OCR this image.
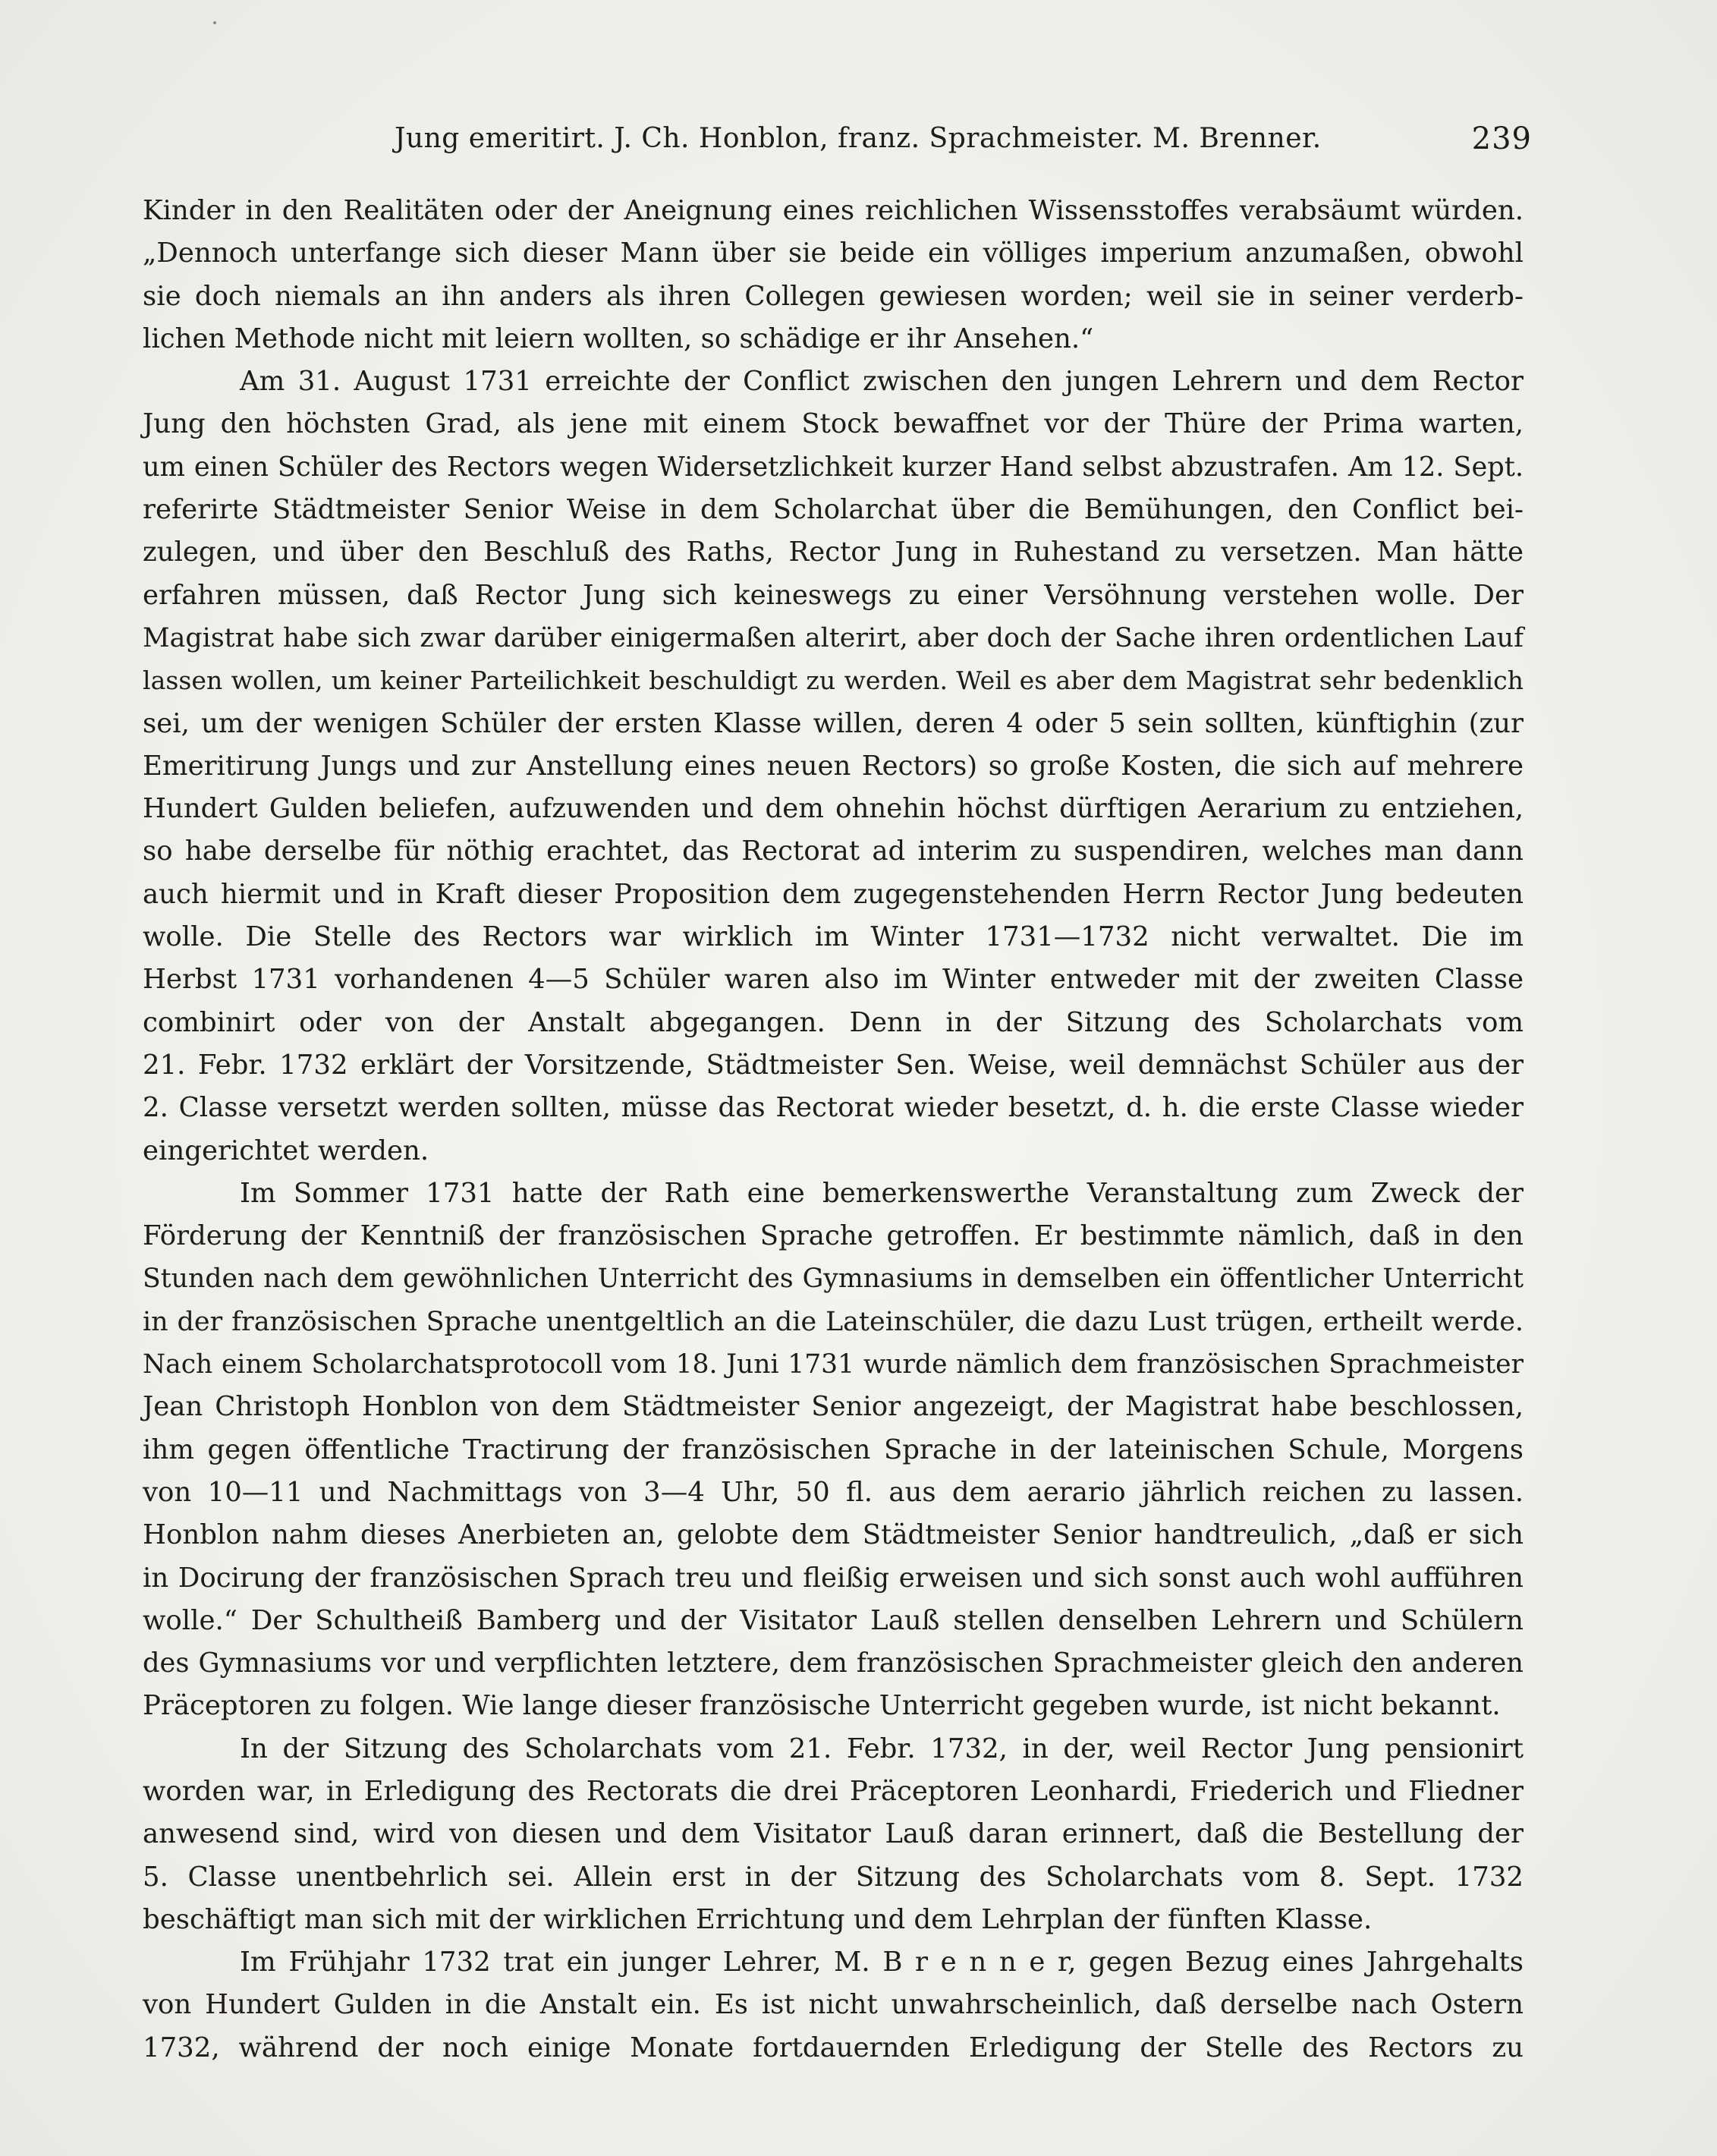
Jung emeritirt. J. Ch. Honblon, franz. Sprachmeister. M. Brenner.	239
Kinder in den Realitäten oder der Aneignung eines reichlichen Wissensstoffes verabsäumt würden.
„Dennoch unterfange sich dieser Mann über sie beide ein völliges imperium anzumaßen, obwohl
sie doch niemals an ihn anders als ihren Collegen gewiesen worden; weil sie in seiner verderb-
lichen Methode nicht mit leiern wollten, so schädige er ihr Ansehen.“
Am 31. August 1731 erreichte der Conflict zwischen den jungen Lehrern und dem Rector
Jung den höchsten Grad, als jene mit einem Stock bewaffnet vor der Thüre der Prima warten,
um einen Schüler des Rectors wegen Widersetzlichkeit kurzer Hand selbst abzustrafen. Am 12. Sept.
referirte Städtmeister Senior Weise in dem Scholarchat über die Bemühungen, den Conflict bei-
zulegen, und über den Beschluß des Raths, Rector Jung in Ruhestand zu versetzen. Man hätte
erfahren müssen, daß Rector Jung sich keineswegs zu einer Versöhnung verstehen wolle. Der
Magistrat habe sich zwar darüber einigermaßen alterirt, aber doch der Sache ihren ordentlichen Lauf
lassen wollen, um keiner Parteilichkeit beschuldigt zu werden. Weil es aber dem Magistrat sehr bedenklich
sei, um der wenigen Schüler der ersten Klasse willen, deren 4 oder 5 sein sollten, künftighin (zur
Emeritirung Jungs und zur Anstellung eines neuen Rectors) so große Kosten, die sich auf mehrere
Hundert Gulden beliefen, aufzuwenden und dem ohnehin höchst dürftigen Aerarium zu entziehen,
so habe derselbe für nöthig erachtet, das Rectorat ad interim zu suspendiren, welches man dann
auch hiermit und in Kraft dieser Proposition dem zugegenstehenden Herrn Rector Jung bedeuten
wolle. Die Stelle des Rectors war wirklich im Winter 1731—1732 nicht verwaltet. Die im
Herbst 1731 vorhandenen 4—5 Schüler waren also im Winter entweder mit der zweiten Classe
combinirt oder von der Anstalt abgegangen. Denn in der Sitzung des Scholarchats vom
21. Febr. 1732 erklärt der Vorsitzende, Städtmeister Sen. Weise, weil demnächst Schüler aus der
2. Classe versetzt werden sollten, müsse das Rectorat wieder besetzt, d. h. die erste Classe wieder
eingerichtet werden.
Im Sommer 1731 hatte der Rath eine bemerkenswerthe Veranstaltung zum Zweck der
Förderung der Kenntniß der französischen Sprache getroffen. Er bestimmte nämlich, daß in den
Stunden nach dem gewöhnlichen Unterricht des Gymnasiums in demselben ein öffentlicher Unterricht
in der französischen Sprache unentgeltlich an die Lateinschüler, die dazu Lust trügen, ertheilt werde.
Nach einem Scholarchatsprotocoll vom 18. Juni 1731 wurde nämlich dem französischen Sprachmeister
Jean Christoph Honblon von dem Städtmeister Senior angezeigt, der Magistrat habe beschlossen,
ihm gegen öffentliche Tractirung der französischen Sprache in der lateinischen Schule, Morgens
von 10—11 und Nachmittags von 3—4 Uhr, 50 fl. aus dem aerario jährlich reichen zu lassen.
Honblon nahm dieses Anerbieten an, gelobte dem Städtmeister Senior handtreulich, „daß er sich
in Docirung der französischen Sprach treu und fleißig erweisen und sich sonst auch wohl aufführen
wolle.“ Der Schultheiß Bamberg und der Visitator Lauß stellen denselben Lehrern und Schülern
des Gymnasiums vor und verpflichten letztere, dem französischen Sprachmeister gleich den anderen
Präceptoren zu folgen. Wie lange dieser französische Unterricht gegeben wurde, ist nicht bekannt.
In der Sitzung des Scholarchats vom 21. Febr. 1732, in der, weil Rector Jung pensionirt
worden war, in Erledigung des Rectorats die drei Präceptoren Leonhardi, Friederich und Fliedner
anwesend sind, wird von diesen und dem Visitator Lauß daran erinnert, daß die Bestellung der
5. Classe unentbehrlich sei. Allein erst in der Sitzung des Scholarchats vom 8. Sept. 1732
beschäftigt man sich mit der wirklichen Errichtung und dem Lehrplan der fünften Klasse.
Im Frühjahr 1732 trat ein junger Lehrer, M. B r e n n e r, gegen Bezug eines Jahrgehalts
von Hundert Gulden in die Anstalt ein. Es ist nicht unwahrscheinlich, daß derselbe nach Ostern
1732, während der noch einige Monate fortdauernden Erledigung der Stelle des Rectors zu
